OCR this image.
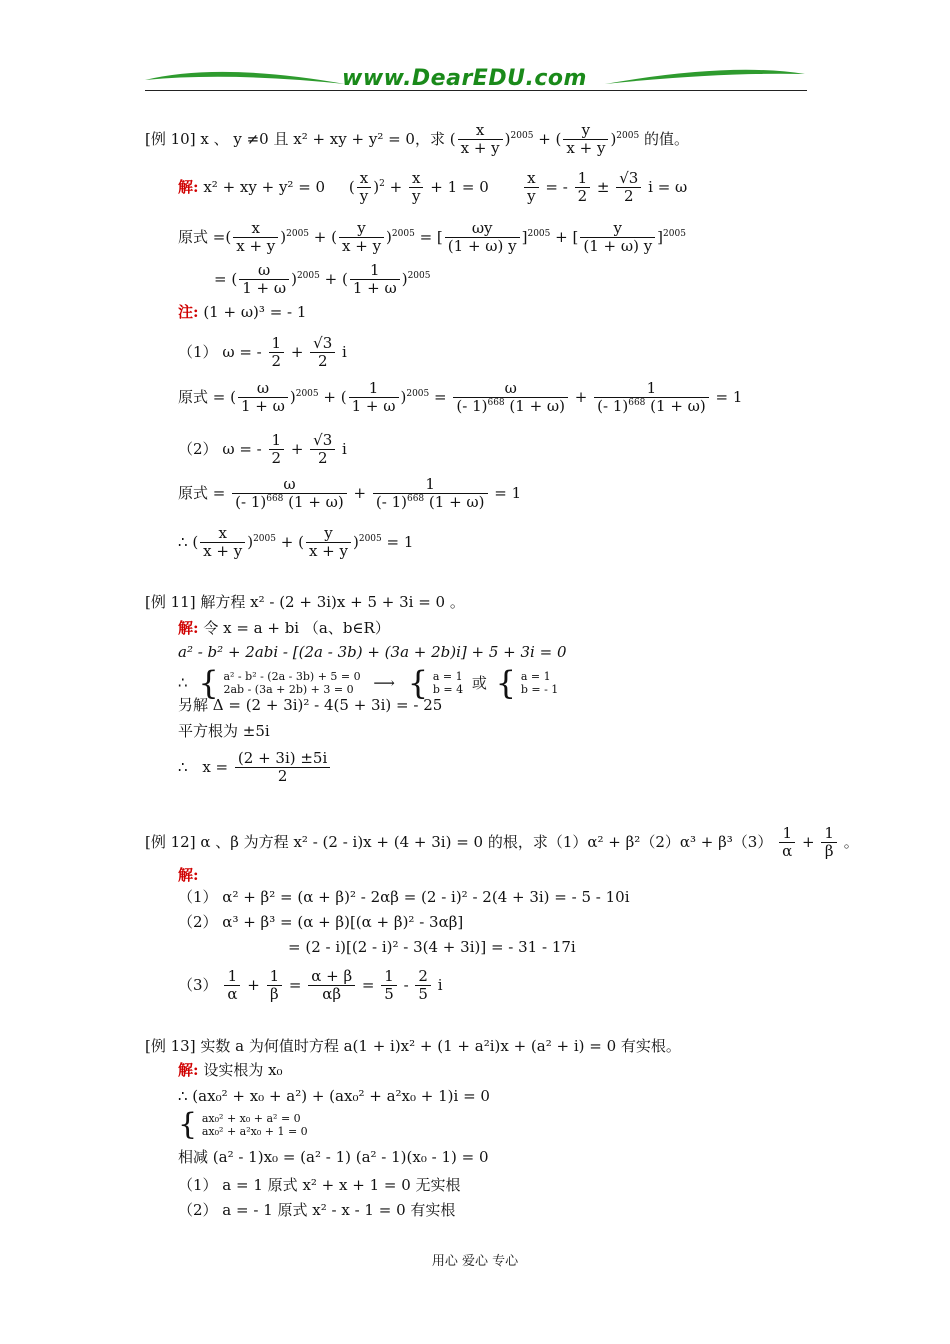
www.DearEDU.com
[例 10] x 、 y ≠0 且 x² + xy + y² = 0，求 ( $\frac{x}{x + y} )^{2005}$ + ( $\frac{y}{x + y} )^{2005}$ 的值。
解: x² + xy + y² = 0     ( $\frac{x}{y} )^2 + \frac{x}{y} + 1 = 0 \frac{x}{y}$ = - $\frac{1}{2} \pm \frac{√3}{2}$ i = ω
原式 =( $\frac{x}{x + y} )^{2005}$ + ( $\frac{y}{x + y} )^{2005}$ = [ $\frac{\omega y}{(1 + \omega) y} ]^{2005}$ + [ $\frac{y}{(1 + \omega) y} ]^{2005}$
= ( $\frac{\omega}{1 + \omega} )^{2005}$ + ( $\frac{1}{1 + \omega} )^{2005}$
注: (1 + ω)³ = - 1
（1） ω = - $\frac{1}{2} + \frac{√3}{2}$ i
原式 = ( $\frac{\omega}{1 + \omega} )^{2005}$ + ( $\frac{1}{1 + \omega} )^{2005} = \frac{\omega}{(- 1)^{668} (1 + \omega)} + \frac{1}{(- 1)^{668} (1 + \omega)} = 1$
（2） ω = - $\frac{1}{2} + \frac{√3}{2}$ i
原式 = $\frac{\omega}{(- 1)^{668} (1 + \omega)} + \frac{1}{(- 1)^{668} (1 + \omega)} = 1$
∴ ( $\frac{x}{x + y} )^{2005}$ + ( $\frac{y}{x + y} )^{2005} = 1$
[例 11] 解方程 x² - (2 + 3i)x + 5 + 3i = 0 。
解: 令 x = a + bi （a、b∈R）
a² - b² + 2abi - [(2a - 3b) + (3a + 2b)i] + 5 + 3i = 0
∴ { a² - b² - (2a - 3b) + 5 = 0
2ab - (3a + 2b) + 3 = 0	⟶ { a = 1
b = 4 或 { a = 1
b = - 1
另解 Δ = (2 + 3i)² - 4(5 + 3i) = - 25
平方根为 ±5i
∴ $x = \frac{(2 + 3i) \pm 5i}{2}$
[例 12] α 、β 为方程 x² - (2 - i)x + (4 + 3i) = 0 的根，求$(1)\alpha^2 + \beta^2(2)\alpha^3 + \beta^3(3) \frac{1}{\alpha} + \frac{1}{\beta}$ 。
解:
（1） α² + β² = (α + β)² - 2αβ = (2 - i)² - 2(4 + 3i) = - 5 - 10i
（2） α³ + β³ = (α + β)[(α + β)² - 3αβ]
= (2 - i)[(2 - i)² - 3(4 + 3i)] = - 31 - 17i
$(3) \frac{1}{\alpha} + \frac{1}{\beta} = \frac{\alpha + \beta}{\alpha\beta} = \frac{1}{5} - \frac{2}{5}$ i
[例 13] 实数 a 为何值时方程 a(1 + i)x² + (1 + a²i)x + (a² + i) = 0 有实根。
解: 设实根为 x₀
∴ (ax₀² + x₀ + a²) + (ax₀² + a²x₀ + 1)i = 0
{ ax₀² + x₀ + a² = 0
ax₀² + a²x₀ + 1 = 0
相减 (a² - 1)x₀ = (a² - 1) (a² - 1)(x₀ - 1) = 0
（1） a = 1 原式 x² + x + 1 = 0 无实根
（2） a = - 1 原式 x² - x - 1 = 0 有实根
用心 爱心 专心
